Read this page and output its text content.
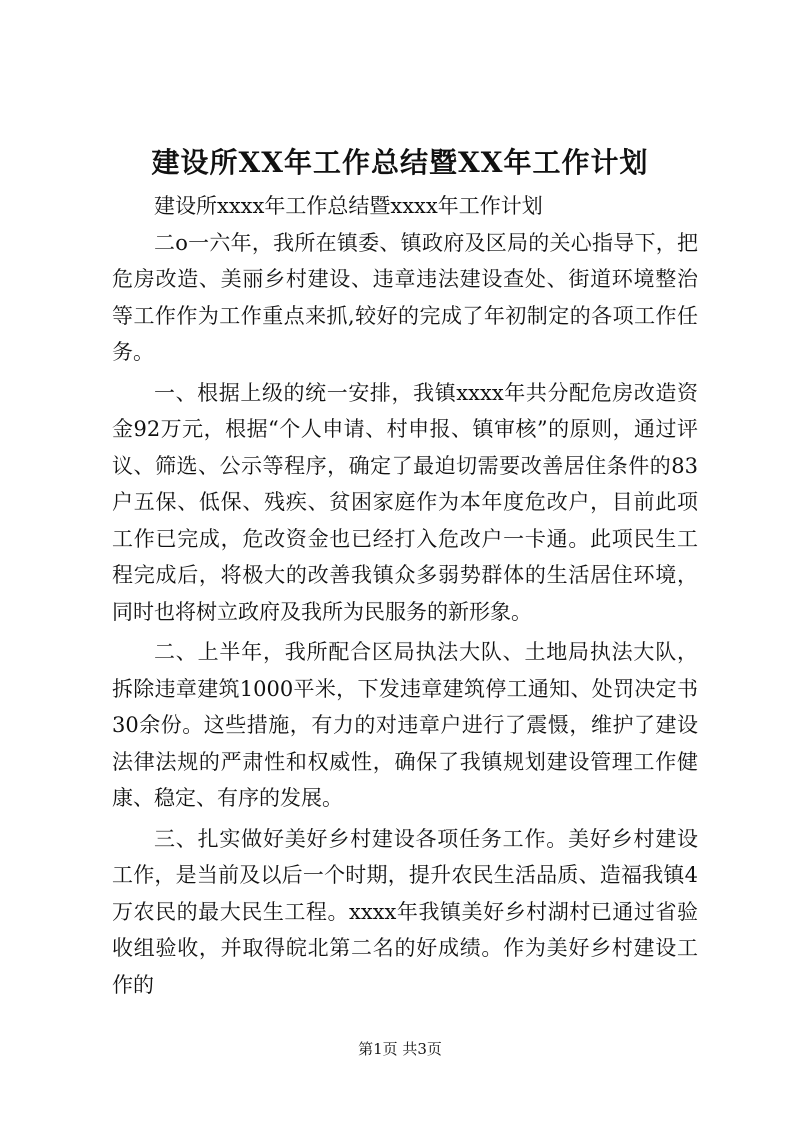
建设所XX年工作总结暨XX年工作计划

建设所xxxx年工作总结暨xxxx年工作计划

二o一六年，我所在镇委、镇政府及区局的关心指导下，把危房改造、美丽乡村建设、违章违法建设查处、街道环境整治等工作作为工作重点来抓,较好的完成了年初制定的各项工作任务。

一、根据上级的统一安排，我镇xxxx年共分配危房改造资金92万元，根据“个人申请、村申报、镇审核”的原则，通过评议、筛选、公示等程序，确定了最迫切需要改善居住条件的83户五保、低保、残疾、贫困家庭作为本年度危改户，目前此项工作已完成，危改资金也已经打入危改户一卡通。此项民生工程完成后，将极大的改善我镇众多弱势群体的生活居住环境，同时也将树立政府及我所为民服务的新形象。

二、上半年，我所配合区局执法大队、土地局执法大队，拆除违章建筑1000平米，下发违章建筑停工通知、处罚决定书30余份。这些措施，有力的对违章户进行了震慑，维护了建设法律法规的严肃性和权威性，确保了我镇规划建设管理工作健康、稳定、有序的发展。

三、扎实做好美好乡村建设各项任务工作。美好乡村建设工作，是当前及以后一个时期，提升农民生活品质、造福我镇4万农民的最大民生工程。xxxx年我镇美好乡村湖村已通过省验收组验收，并取得皖北第二名的好成绩。作为美好乡村建设工作的

第1页 共3页
